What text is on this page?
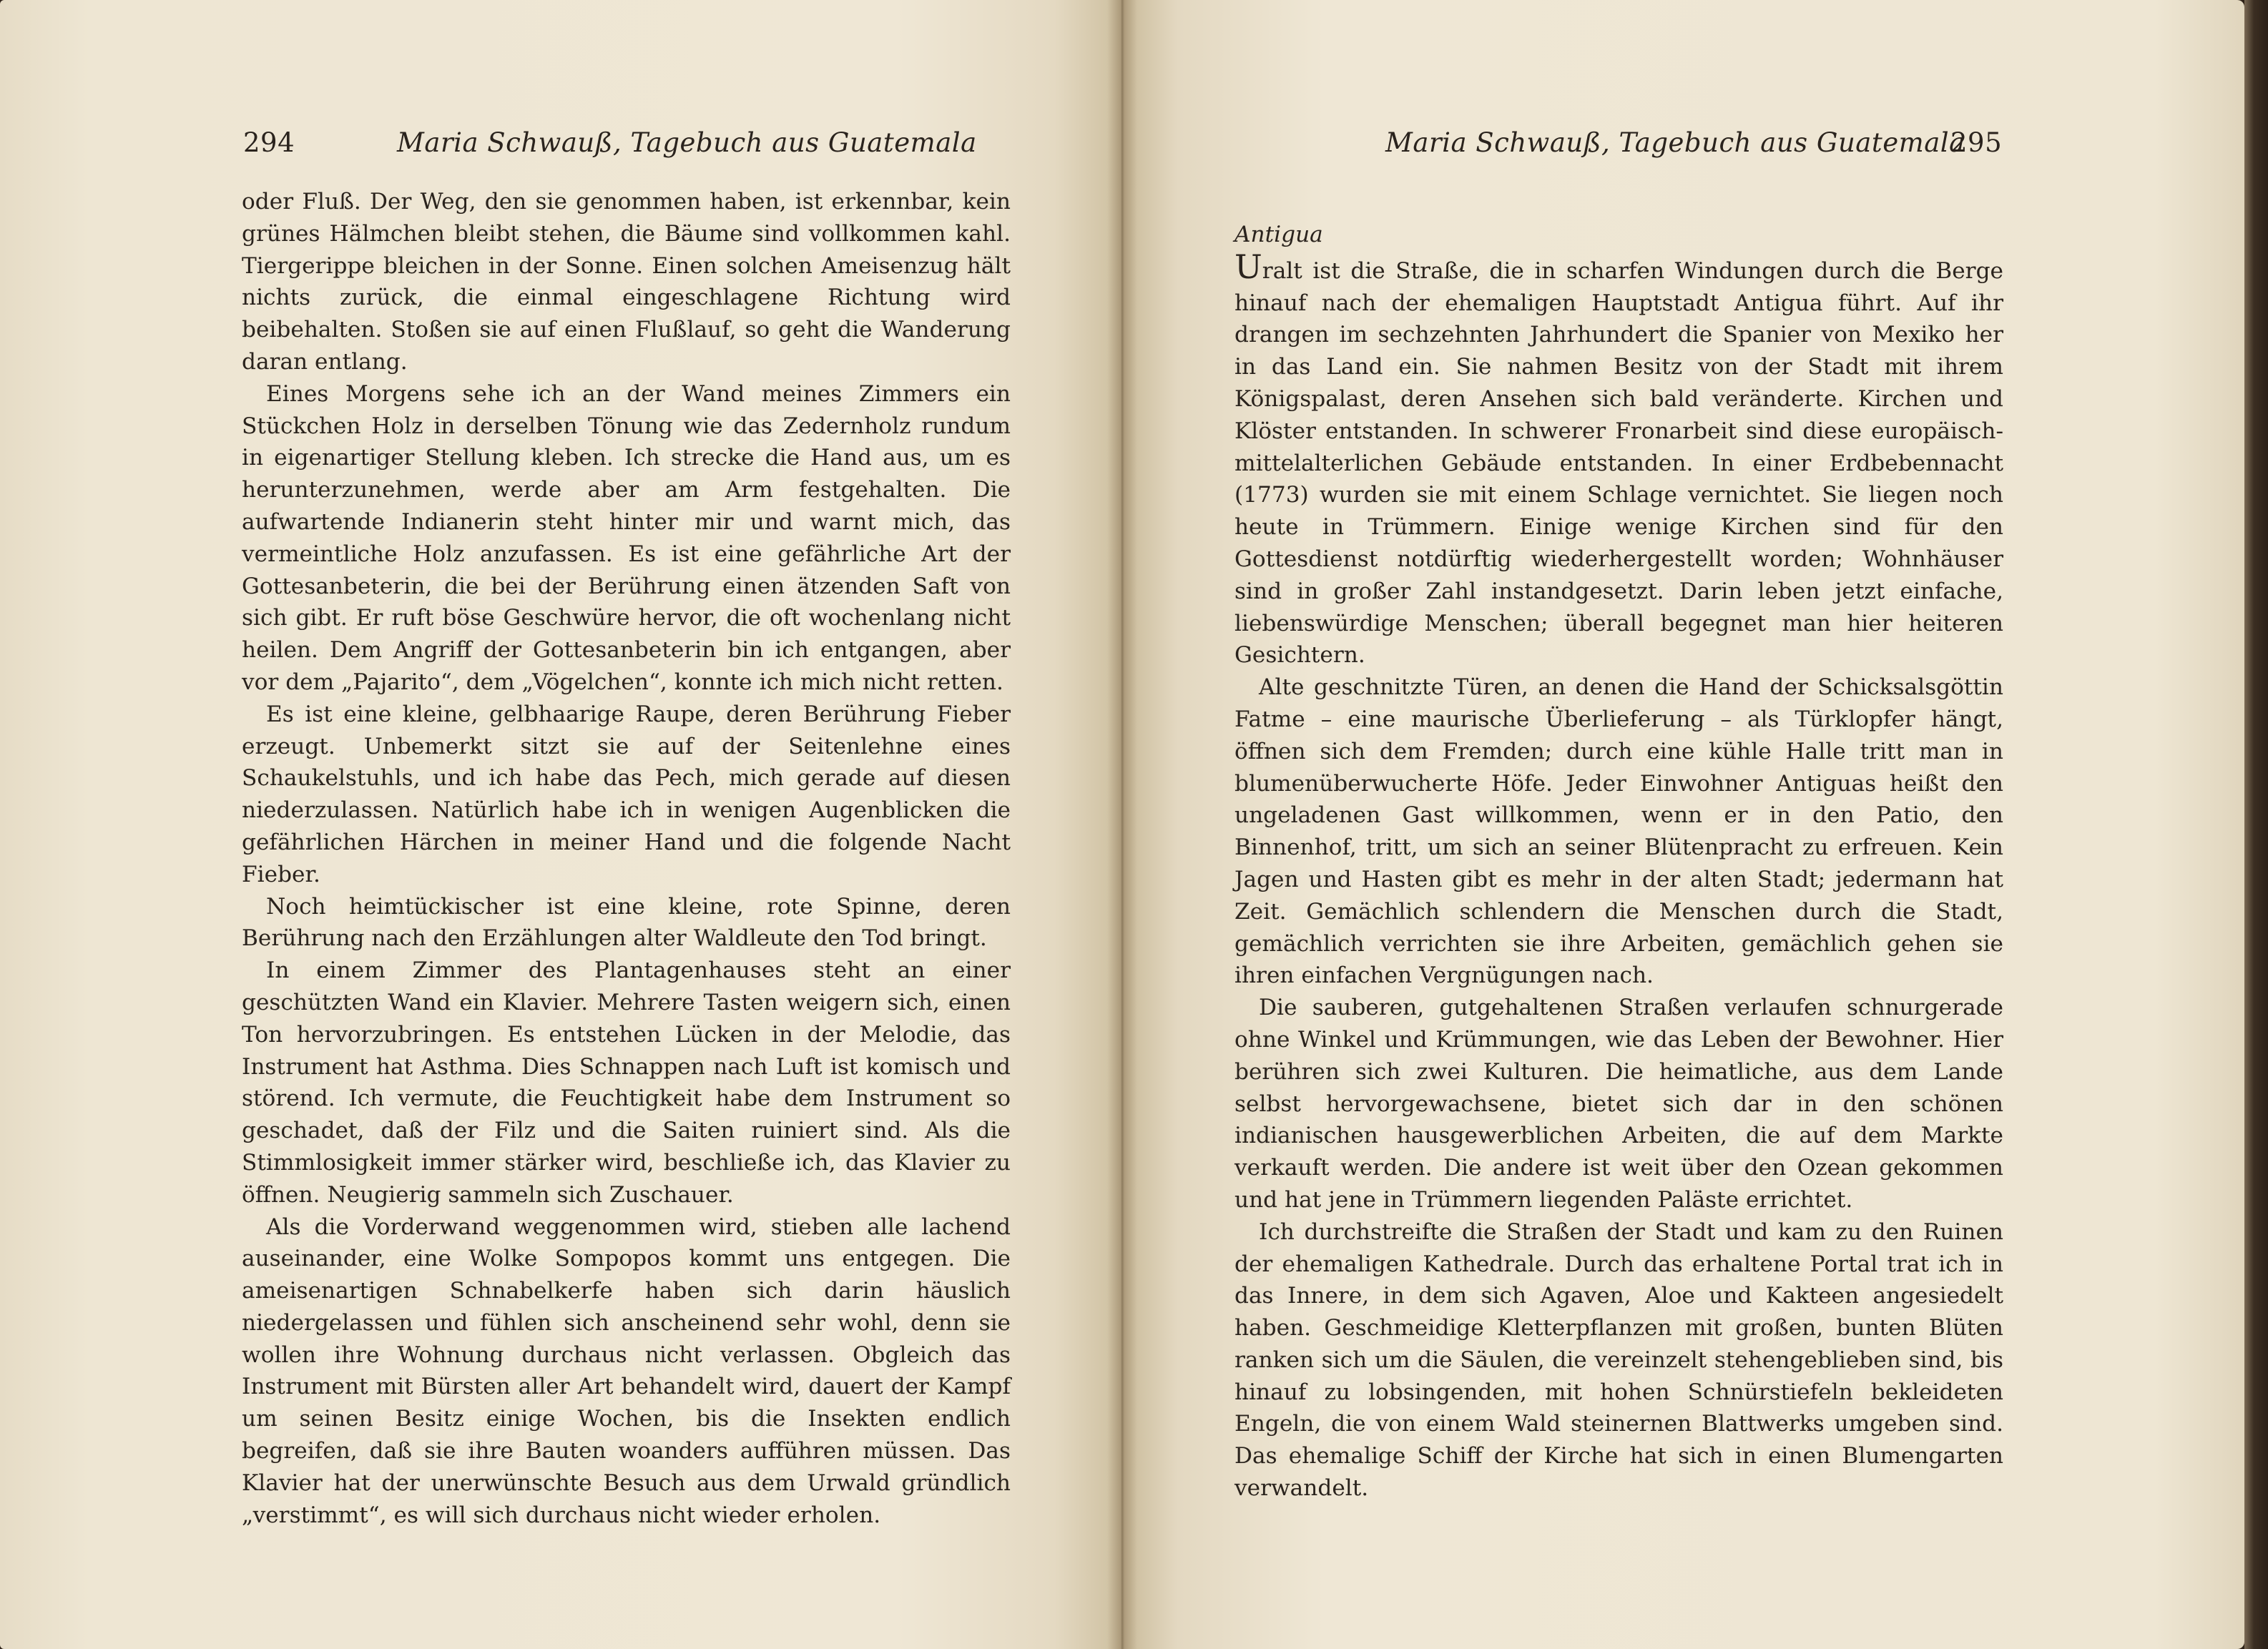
294	Maria Schwauß, Tagebuch aus Guatemala

oder Fluß. Der Weg, den sie genommen haben, ist erkennbar, kein grünes Hälmchen bleibt stehen, die Bäume sind vollkommen kahl. Tiergerippe bleichen in der Sonne. Einen solchen Ameisenzug hält nichts zurück, die einmal eingeschlagene Richtung wird beibehalten. Stoßen sie auf einen Flußlauf, so geht die Wanderung daran entlang.

Eines Morgens sehe ich an der Wand meines Zimmers ein Stückchen Holz in derselben Tönung wie das Zedernholz rundum in eigenartiger Stellung kleben. Ich strecke die Hand aus, um es herunterzunehmen, werde aber am Arm festgehalten. Die aufwartende Indianerin steht hinter mir und warnt mich, das vermeintliche Holz anzufassen. Es ist eine gefährliche Art der Gottesanbeterin, die bei der Berührung einen ätzenden Saft von sich gibt. Er ruft böse Geschwüre hervor, die oft wochenlang nicht heilen. Dem Angriff der Gottesanbeterin bin ich entgangen, aber vor dem „Pajarito“, dem „Vögelchen“, konnte ich mich nicht retten.

Es ist eine kleine, gelbhaarige Raupe, deren Berührung Fieber erzeugt. Unbemerkt sitzt sie auf der Seitenlehne eines Schaukelstuhls, und ich habe das Pech, mich gerade auf diesen niederzulassen. Natürlich habe ich in wenigen Augenblicken die gefährlichen Härchen in meiner Hand und die folgende Nacht Fieber.

Noch heimtückischer ist eine kleine, rote Spinne, deren Berührung nach den Erzählungen alter Waldleute den Tod bringt.

In einem Zimmer des Plantagenhauses steht an einer geschützten Wand ein Klavier. Mehrere Tasten weigern sich, einen Ton hervorzubringen. Es entstehen Lücken in der Melodie, das Instrument hat Asthma. Dies Schnappen nach Luft ist komisch und störend. Ich vermute, die Feuchtigkeit habe dem Instrument so geschadet, daß der Filz und die Saiten ruiniert sind. Als die Stimmlosigkeit immer stärker wird, beschließe ich, das Klavier zu öffnen. Neugierig sammeln sich Zuschauer.

Als die Vorderwand weggenommen wird, stieben alle lachend auseinander, eine Wolke Sompopos kommt uns entgegen. Die ameisenartigen Schnabelkerfe haben sich darin häuslich niedergelassen und fühlen sich anscheinend sehr wohl, denn sie wollen ihre Wohnung durchaus nicht verlassen. Obgleich das Instrument mit Bürsten aller Art behandelt wird, dauert der Kampf um seinen Besitz einige Wochen, bis die Insekten endlich begreifen, daß sie ihre Bauten woanders aufführen müssen. Das Klavier hat der unerwünschte Besuch aus dem Urwald gründlich „verstimmt“, es will sich durchaus nicht wieder erholen.

Maria Schwauß, Tagebuch aus Guatemala
295
Antigua

Uralt ist die Straße, die in scharfen Windungen durch die Berge hinauf nach der ehemaligen Hauptstadt Antigua führt. Auf ihr drangen im sechzehnten Jahrhundert die Spanier von Mexiko her in das Land ein. Sie nahmen Besitz von der Stadt mit ihrem Königspalast, deren Ansehen sich bald veränderte. Kirchen und Klöster entstanden. In schwerer Fronarbeit sind diese europäisch-mittelalterlichen Gebäude entstanden. In einer Erdbebennacht (1773) wurden sie mit einem Schlage vernichtet. Sie liegen noch heute in Trümmern. Einige wenige Kirchen sind für den Gottesdienst notdürftig wiederhergestellt worden; Wohnhäuser sind in großer Zahl instandgesetzt. Darin leben jetzt einfache, liebenswürdige Menschen; überall begegnet man hier heiteren Gesichtern.

Alte geschnitzte Türen, an denen die Hand der Schicksalsgöttin Fatme – eine maurische Überlieferung – als Türklopfer hängt, öffnen sich dem Fremden; durch eine kühle Halle tritt man in blumenüberwucherte Höfe. Jeder Einwohner Antiguas heißt den ungeladenen Gast willkommen, wenn er in den Patio, den Binnenhof, tritt, um sich an seiner Blütenpracht zu erfreuen. Kein Jagen und Hasten gibt es mehr in der alten Stadt; jedermann hat Zeit. Gemächlich schlendern die Menschen durch die Stadt, gemächlich verrichten sie ihre Arbeiten, gemächlich gehen sie ihren einfachen Vergnügungen nach.

Die sauberen, gutgehaltenen Straßen verlaufen schnurgerade ohne Winkel und Krümmungen, wie das Leben der Bewohner. Hier berühren sich zwei Kulturen. Die heimatliche, aus dem Lande selbst hervorgewachsene, bietet sich dar in den schönen indianischen hausgewerblichen Arbeiten, die auf dem Markte verkauft werden. Die andere ist weit über den Ozean gekommen und hat jene in Trümmern liegenden Paläste errichtet.

Ich durchstreifte die Straßen der Stadt und kam zu den Ruinen der ehemaligen Kathedrale. Durch das erhaltene Portal trat ich in das Innere, in dem sich Agaven, Aloe und Kakteen angesiedelt haben. Geschmeidige Kletterpflanzen mit großen, bunten Blüten ranken sich um die Säulen, die vereinzelt stehengeblieben sind, bis hinauf zu lobsingenden, mit hohen Schnürstiefeln bekleideten Engeln, die von einem Wald steinernen Blattwerks umgeben sind. Das ehemalige Schiff der Kirche hat sich in einen Blumengarten verwandelt.
